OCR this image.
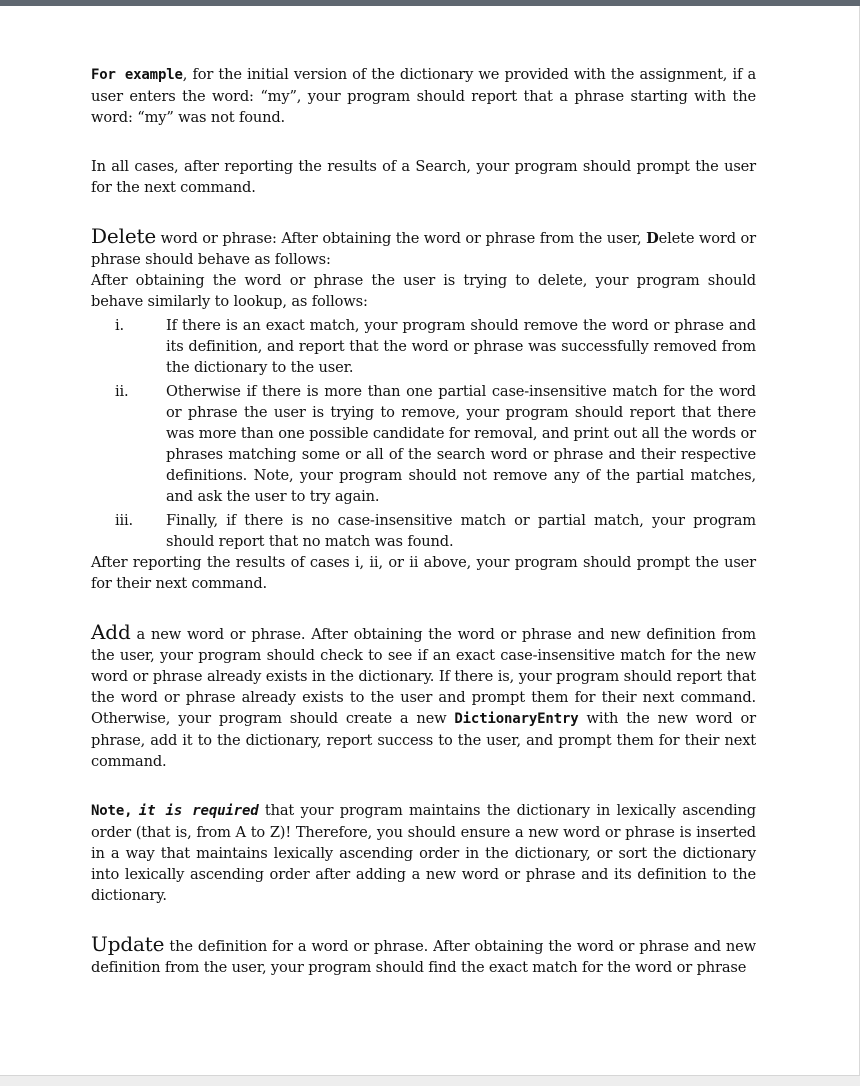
For example, for the initial version of the dictionary we provided with the assignment, if a user enters the word: “my”, your program should report that a phrase starting with the word: “my” was not found.

In all cases, after reporting the results of a Search, your program should prompt the user for the next command.

Delete word or phrase: After obtaining the word or phrase from the user, Delete word or phrase should behave as follows:

After obtaining the word or phrase the user is trying to delete, your program should behave similarly to lookup, as follows:

i.	If there is an exact match, your program should remove the word or phrase and its definition, and report that the word or phrase was successfully removed from the dictionary to the user.
ii.	Otherwise if there is more than one partial case-insensitive match for the word or phrase the user is trying to remove, your program should report that there was more than one possible candidate for removal, and print out all the words or phrases matching some or all of the search word or phrase and their respective definitions. Note, your program should not remove any of the partial matches, and ask the user to try again.
iii. Finally, if there is no case-insensitive match or partial match, your program should report that no match was found.

After reporting the results of cases i, ii, or ii above, your program should prompt the user for their next command.

Add a new word or phrase. After obtaining the word or phrase and new definition from the user, your program should check to see if an exact case-insensitive match for the new word or phrase already exists in the dictionary. If there is, your program should report that the word or phrase already exists to the user and prompt them for their next command. Otherwise, your program should create a new DictionaryEntry with the new word or phrase, add it to the dictionary, report success to the user, and prompt them for their next command.

Note, it is required that your program maintains the dictionary in lexically ascending order (that is, from A to Z)! Therefore, you should ensure a new word or phrase is inserted in a way that maintains lexically ascending order in the dictionary, or sort the dictionary into lexically ascending order after adding a new word or phrase and its definition to the dictionary.

Update the definition for a word or phrase. After obtaining the word or phrase and new definition from the user, your program should find the exact match for the word or phrase
